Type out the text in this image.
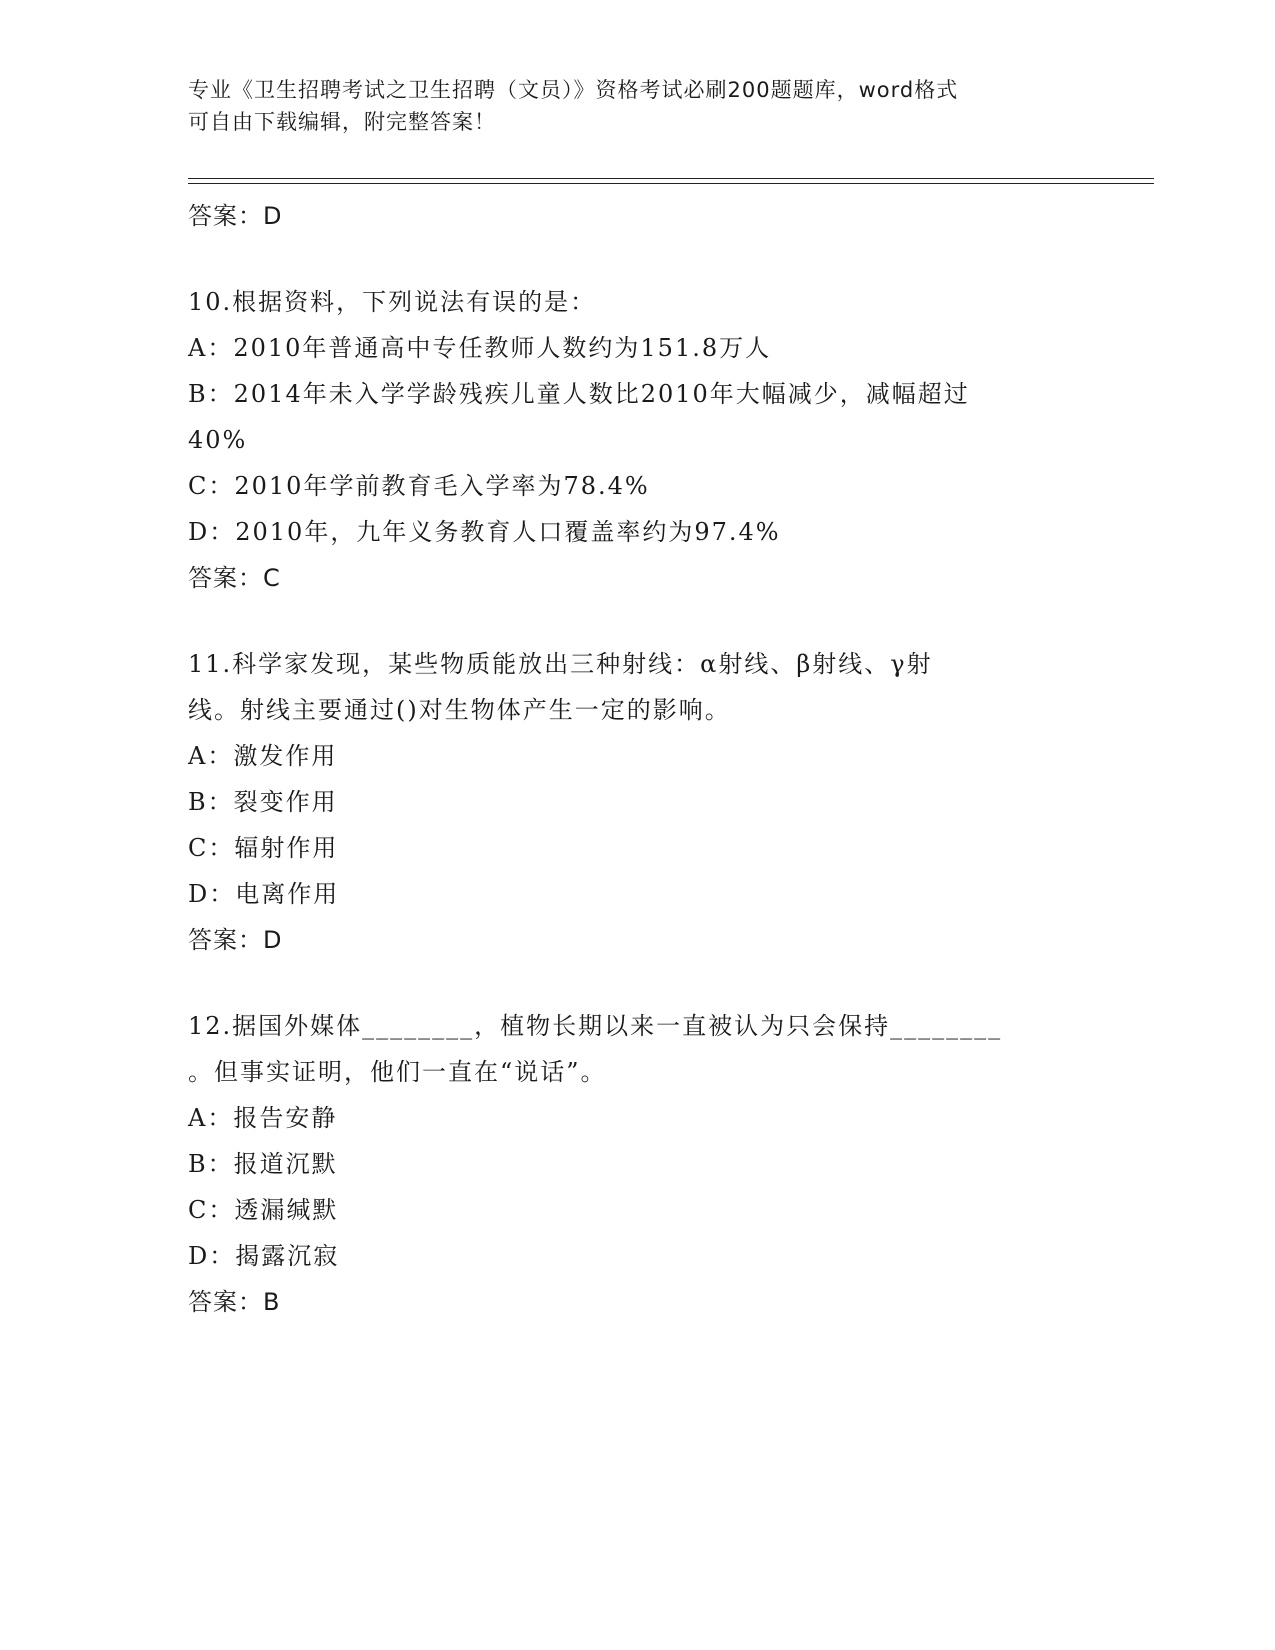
专业《卫生招聘考试之卫生招聘（文员）》资格考试必刷200题题库，word格式
可自由下载编辑，附完整答案！
答案：D
10.根据资料，下列说法有误的是：
A：2010年普通高中专任教师人数约为151.8万人
B：2014年未入学学龄残疾儿童人数比2010年大幅减少，减幅超过
40%
C：2010年学前教育毛入学率为78.4%
D：2010年，九年义务教育人口覆盖率约为97.4%
答案：C
11.科学家发现，某些物质能放出三种射线：α射线、β射线、γ射
线。射线主要通过()对生物体产生一定的影响。
A：激发作用
B：裂变作用
C：辐射作用
D：电离作用
答案：D
12.据国外媒体________，植物长期以来一直被认为只会保持________
。但事实证明，他们一直在“说话”。
A：报告安静
B：报道沉默
C：透漏缄默
D：揭露沉寂
答案：B
